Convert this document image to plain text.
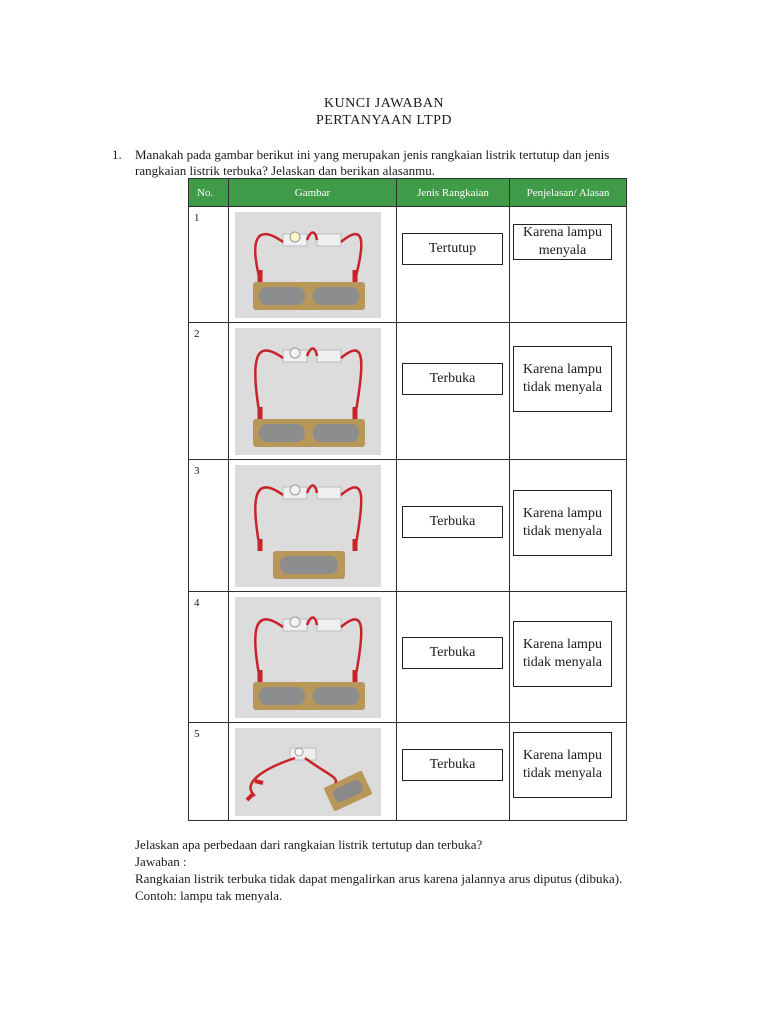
KUNCI JAWABAN
PERTANYAAN LTPD
1. Manakah pada gambar berikut ini yang merupakan jenis rangkaian listrik tertutup dan jenis rangkaian listrik terbuka? Jelaskan dan berikan alasanmu.
No.	Gambar	Jenis Rangkaian	Penjelasan/ Alasan

1		Tertutup	Karena lampu menyala

2		Terbuka	Karena lampu tidak menyala

3		Terbuka	Karena lampu tidak menyala

4		Terbuka	Karena lampu tidak menyala

5		Terbuka	Karena lampu tidak menyala
Jelaskan apa perbedaan dari rangkaian listrik tertutup dan terbuka?
Jawaban :
Rangkaian listrik terbuka tidak dapat mengalirkan arus karena jalannya arus diputus (dibuka). Contoh: lampu tak menyala.
